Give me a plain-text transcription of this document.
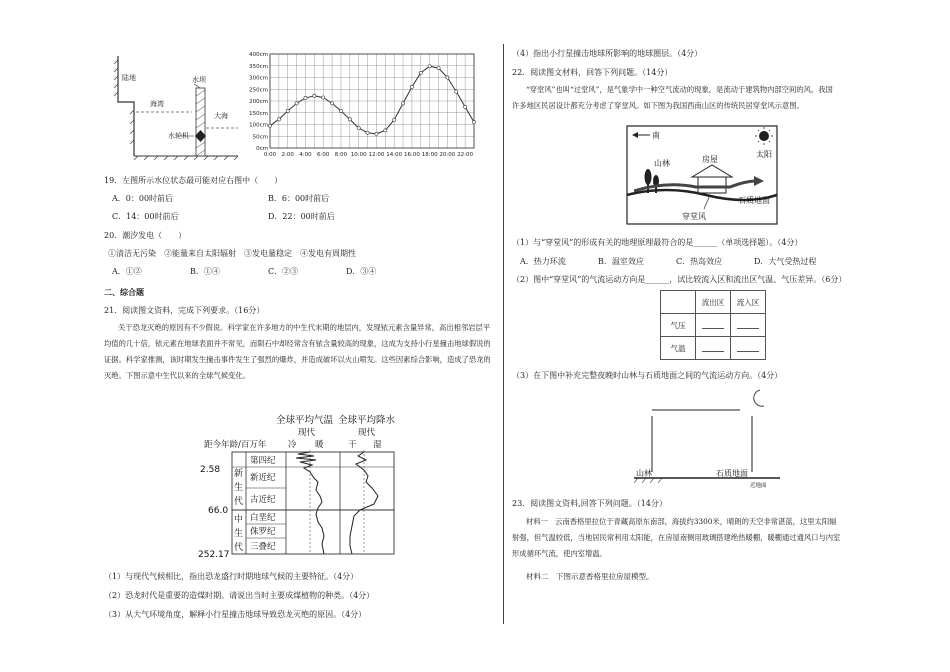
陆地
海湾
水坝
大海
水轮机
0cm
50cm
100cm
150cm
200cm
250cm
300cm
350cm
400cm
0:00 2:00 4:00 6:00 8:00 10:00 12:00 14:00 16:00 18:00 20:00 22:00
19．左图所示水位状态最可能对应右图中（　　）
A．0：00时前后	B．6：00时前后
C．14：00时前后	D．22：00时前后
20．潮汐发电（　　）
①清洁无污染　②能量来自太阳辐射　③发电量稳定　④发电有周期性
A．①②	B．①④	C．②③	D．③④
二、综合题
21．阅读图文资料，完成下列要求。（16分）
关于恐龙灭绝的原因有不少假说。科学家在许多地方的中生代末期的地层内，发现铱元素含量异常，高出相邻岩层平均值的几十倍，铱元素在地球表面并不常见，而陨石中却经常含有铱含量较高的现象，这成为支持小行星撞击地球假说的证据。科学家推测，该时期发生撞击事件发生了强烈的爆炸，并造成破坏以火山喷发。这些因素综合影响，造成了恐龙的灭绝。下图示意中生代以来的全球气候变化。
全球平均气温 全球平均降水
现代	现代
冷 暖	干 湿
距今年龄/百万年
新生代
中生代
第四纪
新近纪
古近纪
白垩纪
侏罗纪
三叠纪
2.58
66.0
252.17
（1）与现代气候相比，指出恐龙盛行时期地球气候的主要特征。（4分）
（2）恐龙时代是重要的造煤时期。请说出当时主要成煤植物的种类。（4分）
（3）从大气环境角度，解释小行星撞击地球导致恐龙灭绝的原因。（4分）
（4）指出小行星撞击地球所影响的地球圈层。（4分）
22．阅读图文材料，回答下列问题。（14分）
“穿堂风”也叫“过堂风”，是气象学中一种空气流动的现象，是流动于建筑物内部空间的风。我国许多地区民居设计都充分考虑了穿堂风。如下图为我国西南山区的传统民居穿堂风示意图。
南
太阳
山林	房屋
石质地面
穿堂风
（1）与“穿堂风”的形成有关的地理原理最符合的是______（单项选择题）。（4分）
A．热力环流	B．温室效应	C．热岛效应	D．大气受热过程
（2）图中“穿堂风”的气流运动方向是______，试比较流入区和流出区气温、气压差异。（6分）
	流出区	流入区
气压		
气温		
（3）在下图中补充完整夜晚时山林与石质地面之间的气流运动方向。（4分）
山林	石质地面
近地面
23．阅读图文资料,回答下列问题。（14分）
材料一　云南香格里拉位于青藏高原东南部，海拔约3300米，晴朗的天空非常湛蓝，这里太阳辐射强，但气温较低，当地居民常利用太阳能，在房屋南侧用玻璃搭建绝热暖棚，暖棚通过通风口与内室形成循环气流，使内室增温。
材料二　下图示意香格里拉房屋模型。
